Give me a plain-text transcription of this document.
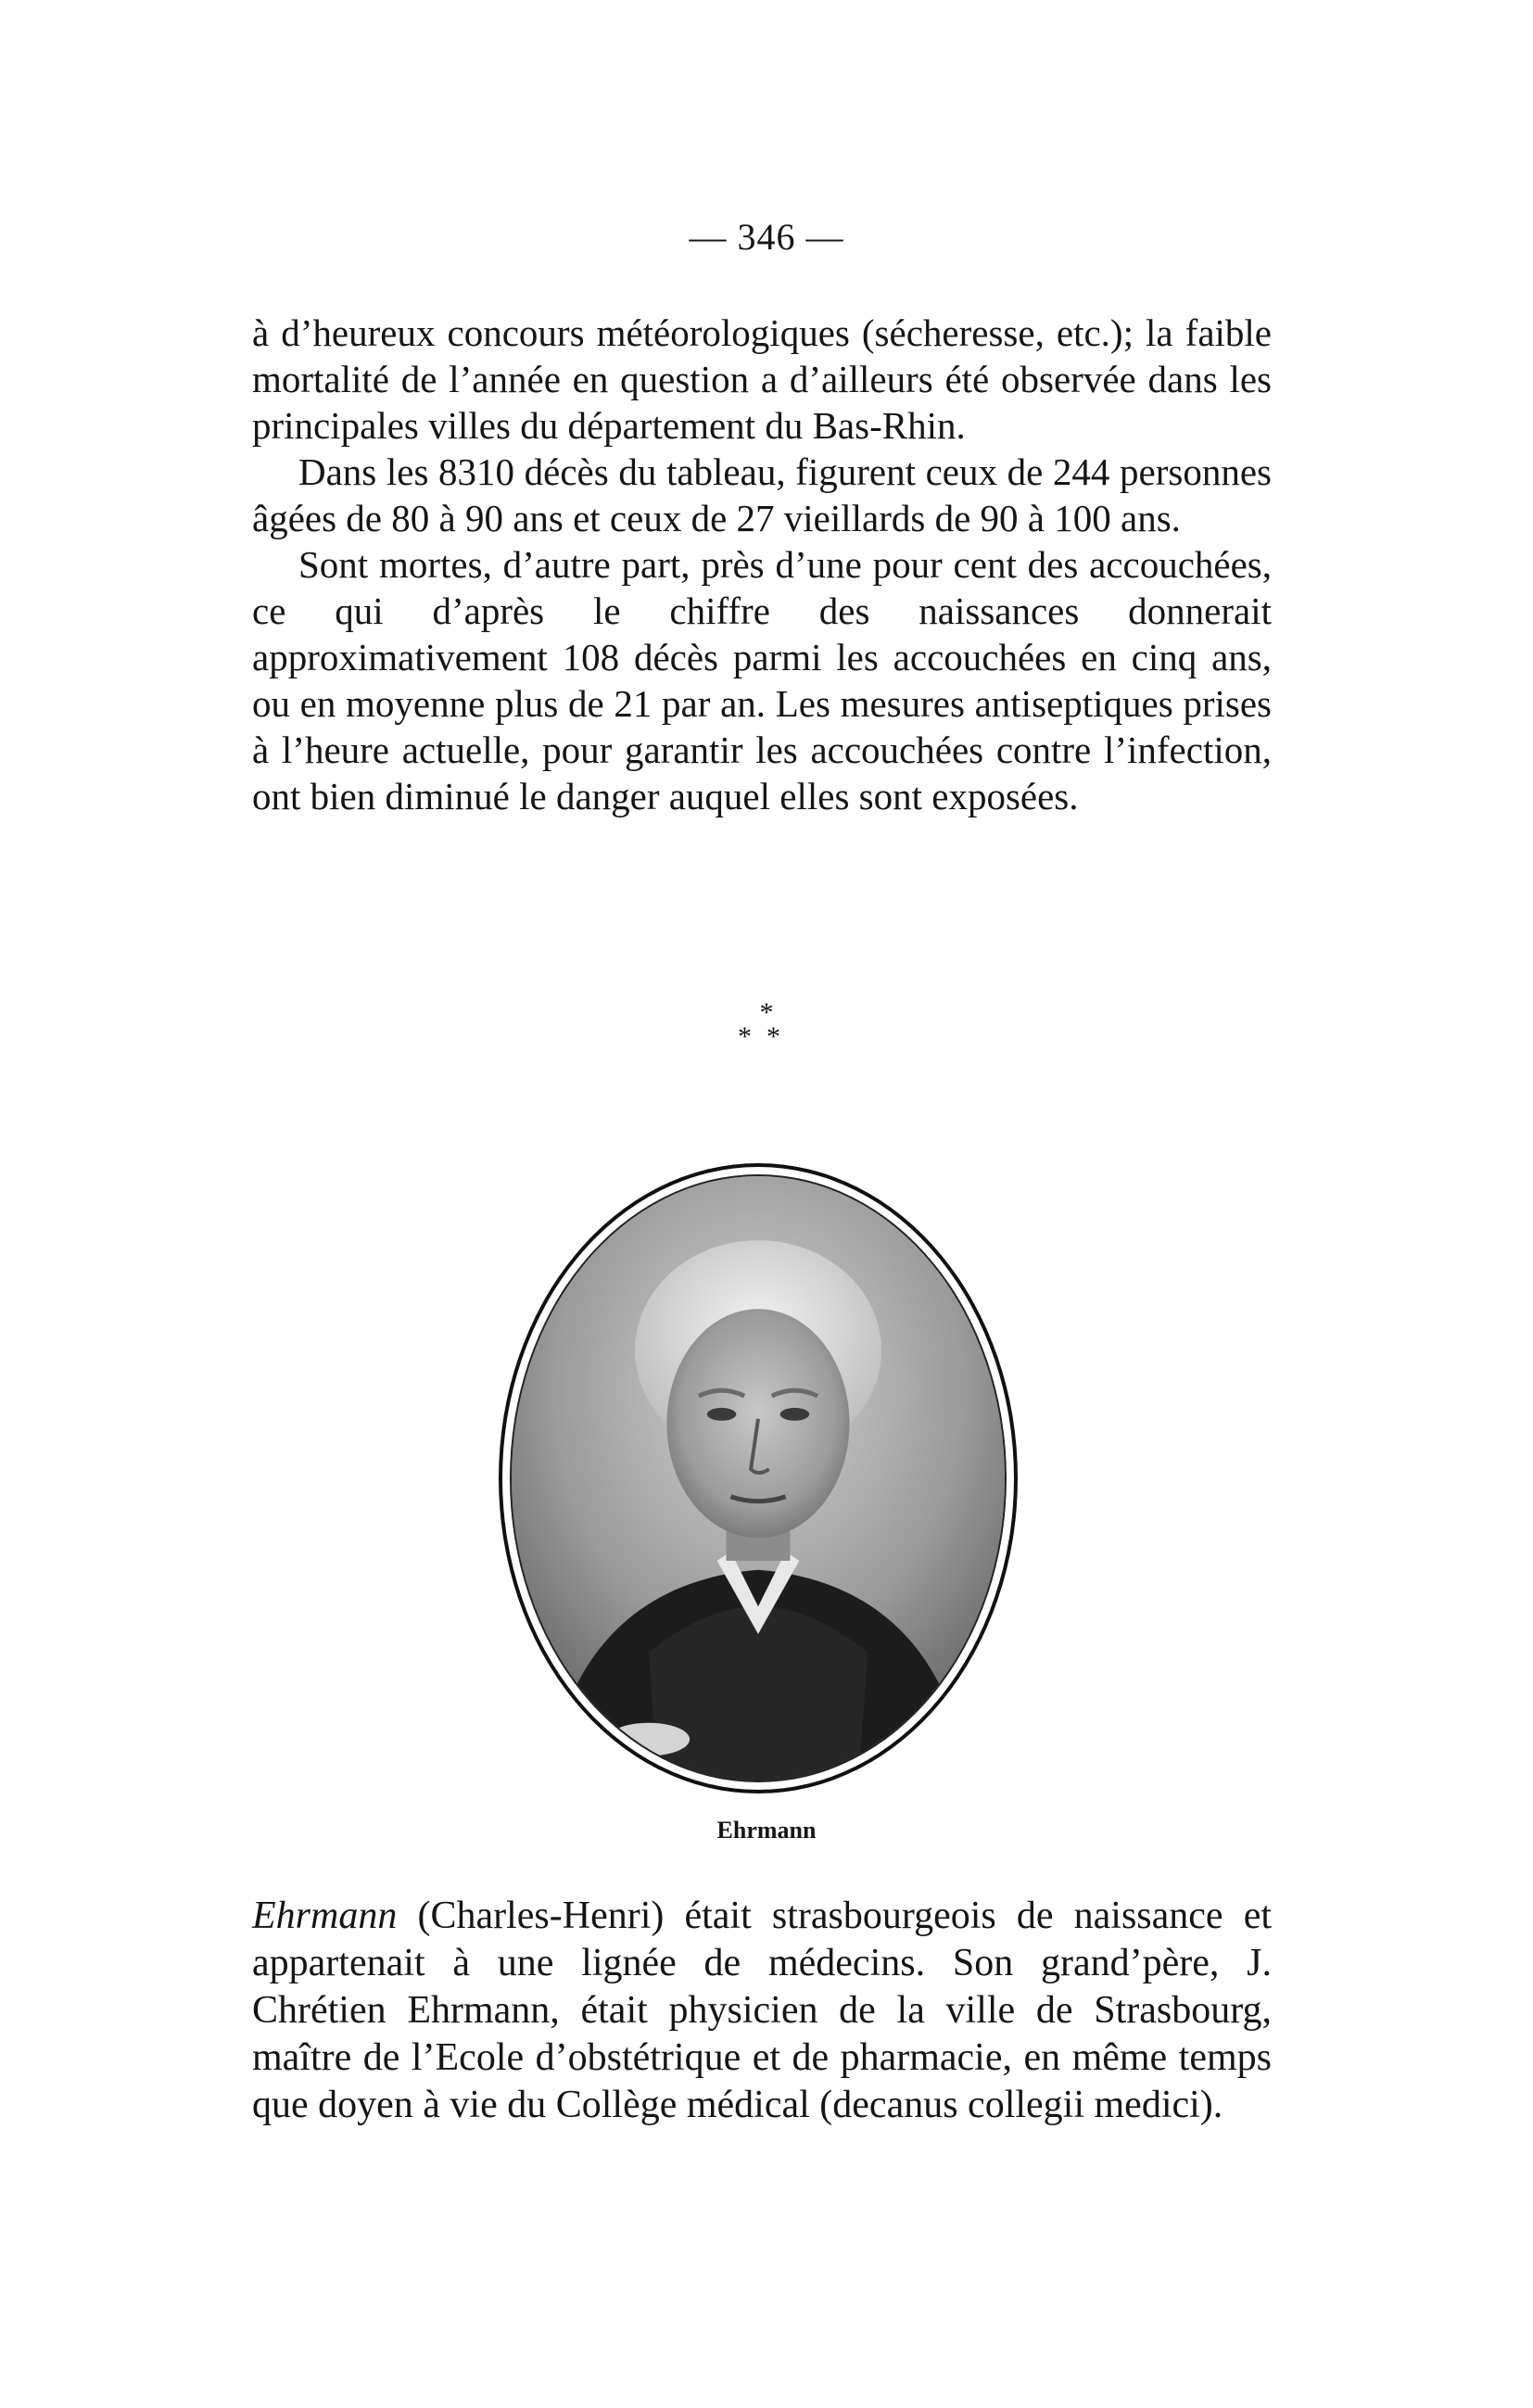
— 346 —

à d’heureux concours météorologiques (sécheresse, etc.); la faible mortalité de l’année en question a d’ailleurs été observée dans les principales villes du département du Bas-Rhin.

Dans les 8310 décès du tableau, figurent ceux de 244 personnes âgées de 80 à 90 ans et ceux de 27 vieillards de 90 à 100 ans.

Sont mortes, d’autre part, près d’une pour cent des accouchées, ce qui d’après le chiffre des naissances donnerait approximativement 108 décès parmi les accouchées en cinq ans, ou en moyenne plus de 21 par an. Les mesures antiseptiques prises à l’heure actuelle, pour garantir les accouchées contre l’infection, ont bien diminué le danger auquel elles sont exposées.

*
**
Ehrmann

Ehrmann (Charles-Henri) était strasbourgeois de naissance et appartenait à une lignée de médecins. Son grand’père, J. Chrétien Ehrmann, était physicien de la ville de Strasbourg, maître de l’Ecole d’obstétrique et de pharmacie, en même temps que doyen à vie du Collège médical (decanus collegii medici).
